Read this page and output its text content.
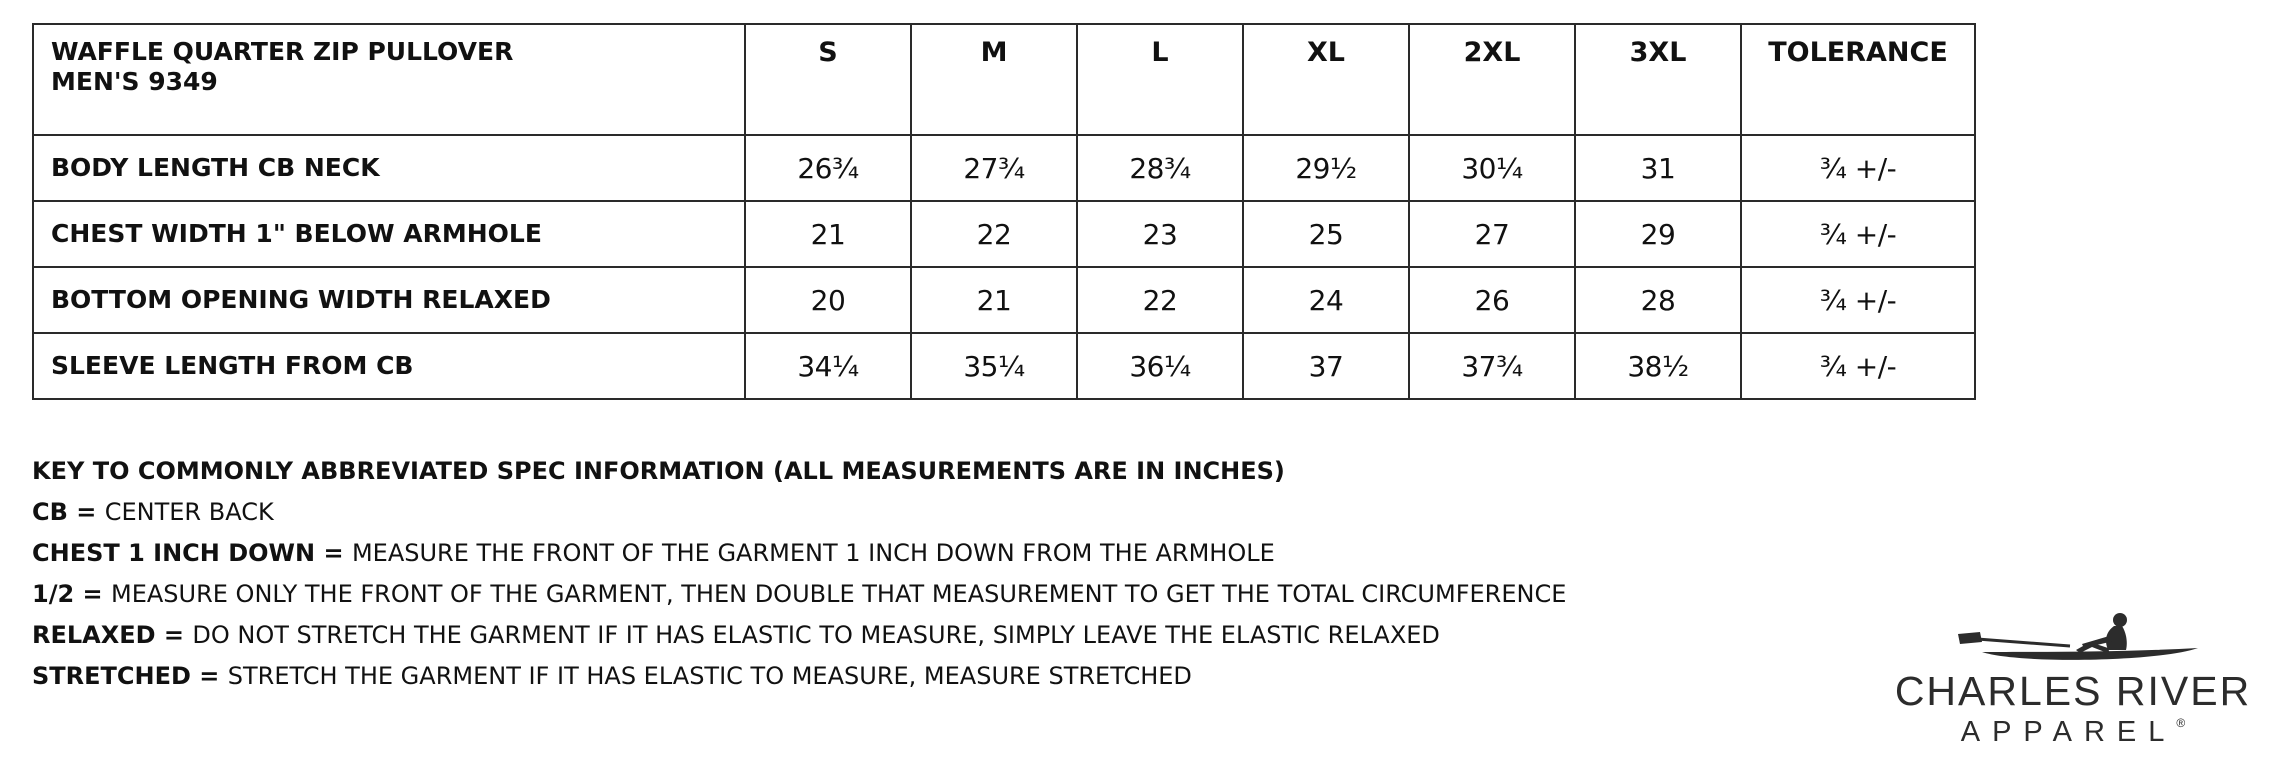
WAFFLE QUARTER ZIP PULLOVER
MEN'S 9349	S	M	L	XL	2XL	3XL	TOLERANCE
BODY LENGTH CB NECK	26¾	27¾	28¾	29½	30¼	31	¾ +/-
CHEST WIDTH 1" BELOW ARMHOLE	21	22	23	25	27	29	¾ +/-
BOTTOM OPENING WIDTH RELAXED	20	21	22	24	26	28	¾ +/-
SLEEVE LENGTH FROM CB	34¼	35¼	36¼	37	37¾	38½	¾ +/-
KEY TO COMMONLY ABBREVIATED SPEC INFORMATION (ALL MEASUREMENTS ARE IN INCHES)
CB = CENTER BACK
CHEST 1 INCH DOWN = MEASURE THE FRONT OF THE GARMENT 1 INCH DOWN FROM THE ARMHOLE
1/2 = MEASURE ONLY THE FRONT OF THE GARMENT, THEN DOUBLE THAT MEASUREMENT TO GET THE TOTAL CIRCUMFERENCE
RELAXED = DO NOT STRETCH THE GARMENT IF IT HAS ELASTIC TO MEASURE, SIMPLY LEAVE THE ELASTIC RELAXED
STRETCHED = STRETCH THE GARMENT IF IT HAS ELASTIC TO MEASURE, MEASURE STRETCHED	CHARLES RIVER
APPAREL®
